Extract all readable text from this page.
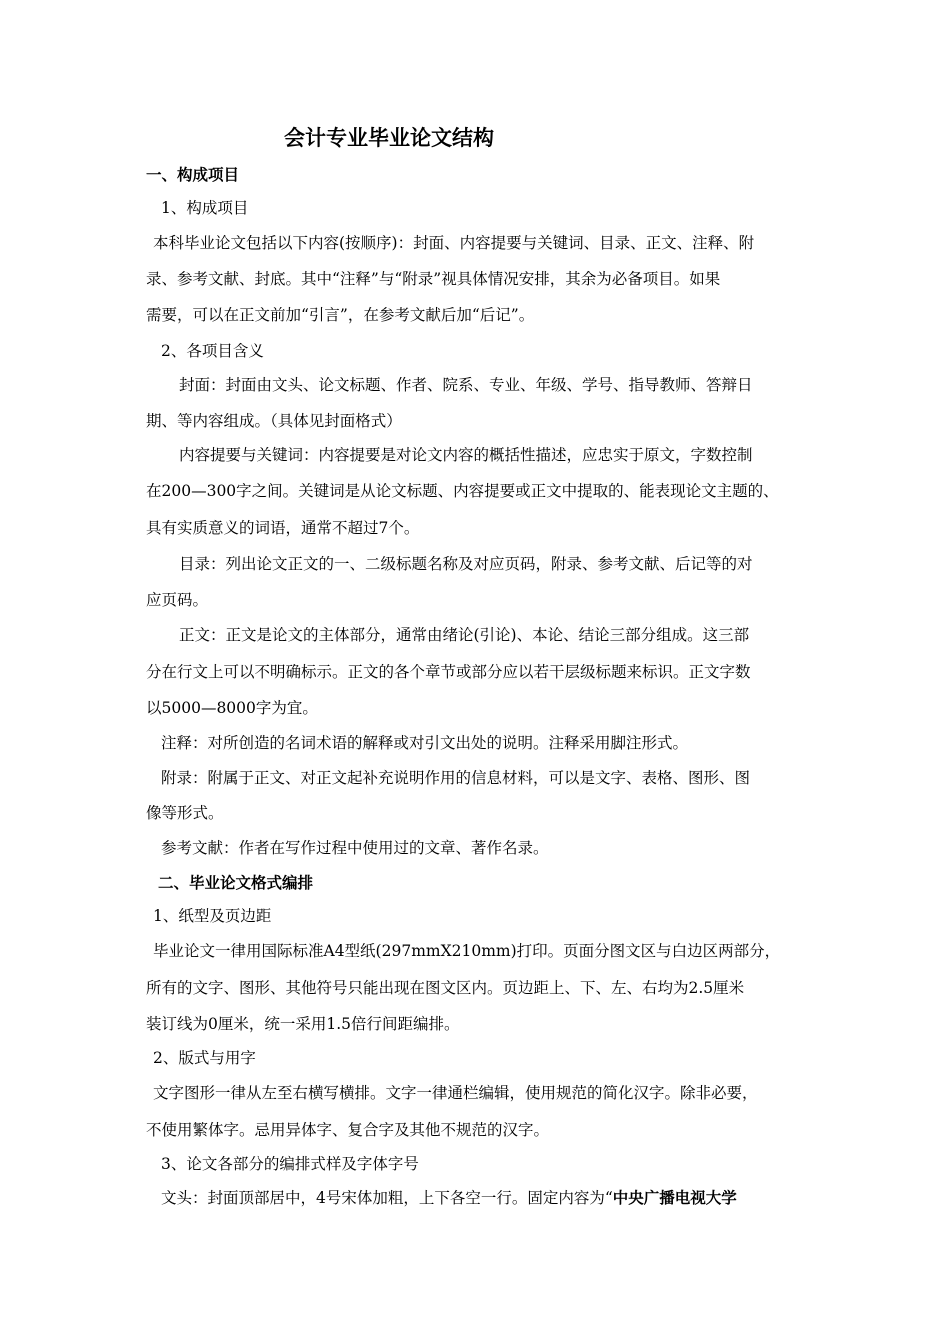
会计专业毕业论文结构
一、构成项目
1、构成项目
本科毕业论文包括以下内容(按顺序)：封面、内容提要与关键词、目录、正文、注释、附
录、参考文献、封底。其中“注释”与“附录”视具体情况安排，其余为必备项目。如果
需要，可以在正文前加“引言”，在参考文献后加“后记”。
2、各项目含义
封面：封面由文头、论文标题、作者、院系、专业、年级、学号、指导教师、答辩日
期、等内容组成。（具体见封面格式）
内容提要与关键词：内容提要是对论文内容的概括性描述，应忠实于原文，字数控制
在200—300字之间。关键词是从论文标题、内容提要或正文中提取的、能表现论文主题的、
具有实质意义的词语，通常不超过7个。
目录：列出论文正文的一、二级标题名称及对应页码，附录、参考文献、后记等的对
应页码。
正文：正文是论文的主体部分，通常由绪论(引论)、本论、结论三部分组成。这三部
分在行文上可以不明确标示。正文的各个章节或部分应以若干层级标题来标识。正文字数
以5000—8000字为宜。
注释：对所创造的名词术语的解释或对引文出处的说明。注释采用脚注形式。
附录：附属于正文、对正文起补充说明作用的信息材料，可以是文字、表格、图形、图
像等形式。
参考文献：作者在写作过程中使用过的文章、著作名录。
二、毕业论文格式编排
1、纸型及页边距
毕业论文一律用国际标准A4型纸(297mmX210mm)打印。页面分图文区与白边区两部分，
所有的文字、图形、其他符号只能出现在图文区内。页边距上、下、左、右均为2.5厘米
装订线为0厘米，统一采用1.5倍行间距编排。
2、版式与用字
文字图形一律从左至右横写横排。文字一律通栏编辑，使用规范的简化汉字。除非必要，
不使用繁体字。忌用异体字、复合字及其他不规范的汉字。
3、论文各部分的编排式样及字体字号
文头：封面顶部居中，4号宋体加粗，上下各空一行。固定内容为“中央广播电视大学
